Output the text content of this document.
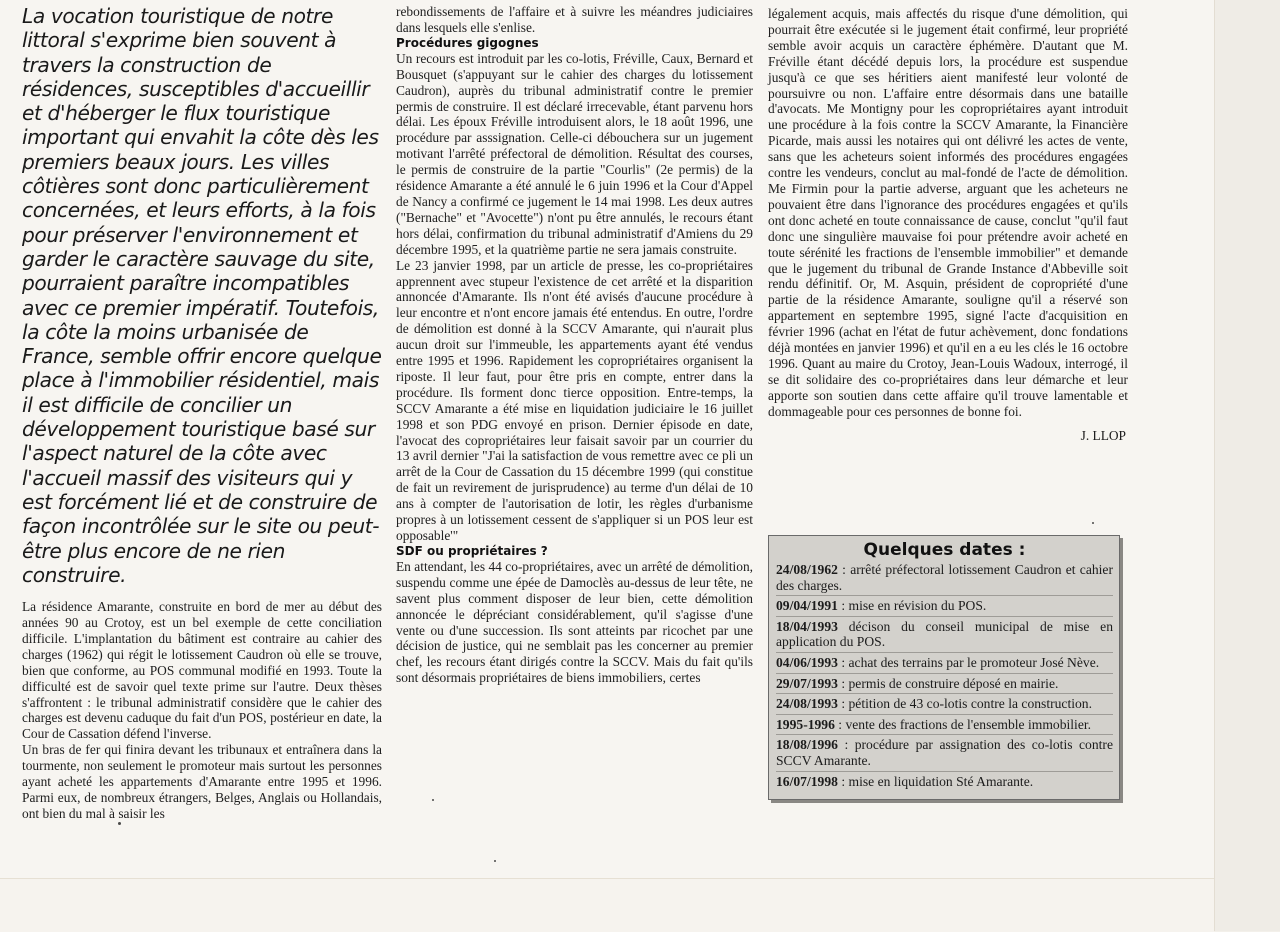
La vocation touristique de notre littoral s'exprime bien souvent à travers la construction de résidences, susceptibles d'accueillir et d'héberger le flux touristique important qui envahit la côte dès les premiers beaux jours. Les villes côtières sont donc particulièrement concernées, et leurs efforts, à la fois pour préserver l'environnement et garder le caractère sauvage du site, pourraient paraître incompatibles avec ce premier impératif. Toutefois, la côte la moins urbanisée de France, semble offrir encore quelque place à l'immobilier résidentiel, mais il est difficile de concilier un développement touristique basé sur l'aspect naturel de la côte avec l'accueil massif des visiteurs qui y est forcément lié et de construire de façon incontrôlée sur le site ou peut-être plus encore de ne rien construire.

La résidence Amarante, construite en bord de mer au début des années 90 au Crotoy, est un bel exemple de cette conciliation difficile. L'implantation du bâtiment est contraire au cahier des charges (1962) qui régit le lotissement Caudron où elle se trouve, bien que conforme, au POS communal modifié en 1993. Toute la difficulté est de savoir quel texte prime sur l'autre. Deux thèses s'affrontent : le tribunal administratif considère que le cahier des charges est devenu caduque du fait d'un POS, postérieur en date, la Cour de Cassation défend l'inverse.

Un bras de fer qui finira devant les tribunaux et entraînera dans la tourmente, non seulement le promoteur mais surtout les personnes ayant acheté les appartements d'Amarante entre 1995 et 1996. Parmi eux, de nombreux étrangers, Belges, Anglais ou Hollandais, ont bien du mal à saisir les

rebondissements de l'affaire et à suivre les méandres judiciaires dans lesquels elle s'enlise.

Procédures gigognes

Un recours est introduit par les co-lotis, Fréville, Caux, Bernard et Bousquet (s'appuyant sur le cahier des charges du lotissement Caudron), auprès du tribunal administratif contre le premier permis de construire. Il est déclaré irrecevable, étant parvenu hors délai. Les époux Fréville introduisent alors, le 18 août 1996, une procédure par asssignation. Celle-ci débouchera sur un jugement motivant l'arrêté préfectoral de démolition. Résultat des courses, le permis de construire de la partie "Courlis" (2e permis) de la résidence Amarante a été annulé le 6 juin 1996 et la Cour d'Appel de Nancy a confirmé ce jugement le 14 mai 1998. Les deux autres ("Bernache" et "Avocette") n'ont pu être annulés, le recours étant hors délai, confirmation du tribunal administratif d'Amiens du 29 décembre 1995, et la quatrième partie ne sera jamais construite.

Le 23 janvier 1998, par un article de presse, les co-propriétaires apprennent avec stupeur l'existence de cet arrêté et la disparition annoncée d'Amarante. Ils n'ont été avisés d'aucune procédure à leur encontre et n'ont encore jamais été entendus. En outre, l'ordre de démolition est donné à la SCCV Amarante, qui n'aurait plus aucun droit sur l'immeuble, les appartements ayant été vendus entre 1995 et 1996. Rapidement les copropriétaires organisent la riposte. Il leur faut, pour être pris en compte, entrer dans la procédure. Ils forment donc tierce opposition. Entre-temps, la SCCV Amarante a été mise en liquidation judiciaire le 16 juillet 1998 et son PDG envoyé en prison. Dernier épisode en date, l'avocat des copropriétaires leur faisait savoir par un courrier du 13 avril dernier "J'ai la satisfaction de vous remettre avec ce pli un arrêt de la Cour de Cassation du 15 décembre 1999 (qui constitue de fait un revirement de jurisprudence) au terme d'un délai de 10 ans à compter de l'autorisation de lotir, les règles d'urbanisme propres à un lotissement cessent de s'appliquer si un POS leur est opposable'"

SDF ou propriétaires ?

En attendant, les 44 co-propriétaires, avec un arrêté de démolition, suspendu comme une épée de Damoclès au-dessus de leur tête, ne savent plus comment disposer de leur bien, cette démolition annoncée le dépréciant considérablement, qu'il s'agisse d'une vente ou d'une succession. Ils sont atteints par ricochet par une décision de justice, qui ne semblait pas les concerner au premier chef, les recours étant dirigés contre la SCCV. Mais du fait qu'ils sont désormais propriétaires de biens immobiliers, certes

légalement acquis, mais affectés du risque d'une démolition, qui pourrait être exécutée si le jugement était confirmé, leur propriété semble avoir acquis un caractère éphémère. D'autant que M. Fréville étant décédé depuis lors, la procédure est suspendue jusqu'à ce que ses héritiers aient manifesté leur volonté de poursuivre ou non. L'affaire entre désormais dans une bataille d'avocats. Me Montigny pour les copropriétaires ayant introduit une procédure à la fois contre la SCCV Amarante, la Financière Picarde, mais aussi les notaires qui ont délivré les actes de vente, sans que les acheteurs soient informés des procédures engagées contre les vendeurs, conclut au mal-fondé de l'acte de démolition. Me Firmin pour la partie adverse, arguant que les acheteurs ne pouvaient être dans l'ignorance des procédures engagées et qu'ils ont donc acheté en toute connaissance de cause, conclut "qu'il faut donc une singulière mauvaise foi pour prétendre avoir acheté en toute sérénité les fractions de l'ensemble immobilier" et demande que le jugement du tribunal de Grande Instance d'Abbeville soit rendu définitif. Or, M. Asquin, président de copropriété d'une partie de la résidence Amarante, souligne qu'il a réservé son appartement en septembre 1995, signé l'acte d'acquisition en février 1996 (achat en l'état de futur achèvement, donc fondations déjà montées en janvier 1996) et qu'il en a eu les clés le 16 octobre 1996. Quant au maire du Crotoy, Jean-Louis Wadoux, interrogé, il se dit solidaire des co-propriétaires dans leur démarche et leur apporte son soutien dans cette affaire qu'il trouve lamentable et dommageable pour ces personnes de bonne foi.

J. LLOP

Quelques dates :
24/08/1962 : arrêté préfectoral lotissement Caudron et cahier des charges.
09/04/1991 : mise en révision du POS.
18/04/1993 décison du conseil municipal de mise en application du POS.
04/06/1993 : achat des terrains par le promoteur José Nève.
29/07/1993 : permis de construire déposé en mairie.
24/08/1993 : pétition de 43 co-lotis contre la construction.
1995-1996 : vente des fractions de l'ensemble immobilier.
18/08/1996 : procédure par assignation des co-lotis contre SCCV Amarante.
16/07/1998 : mise en liquidation Sté Amarante.
